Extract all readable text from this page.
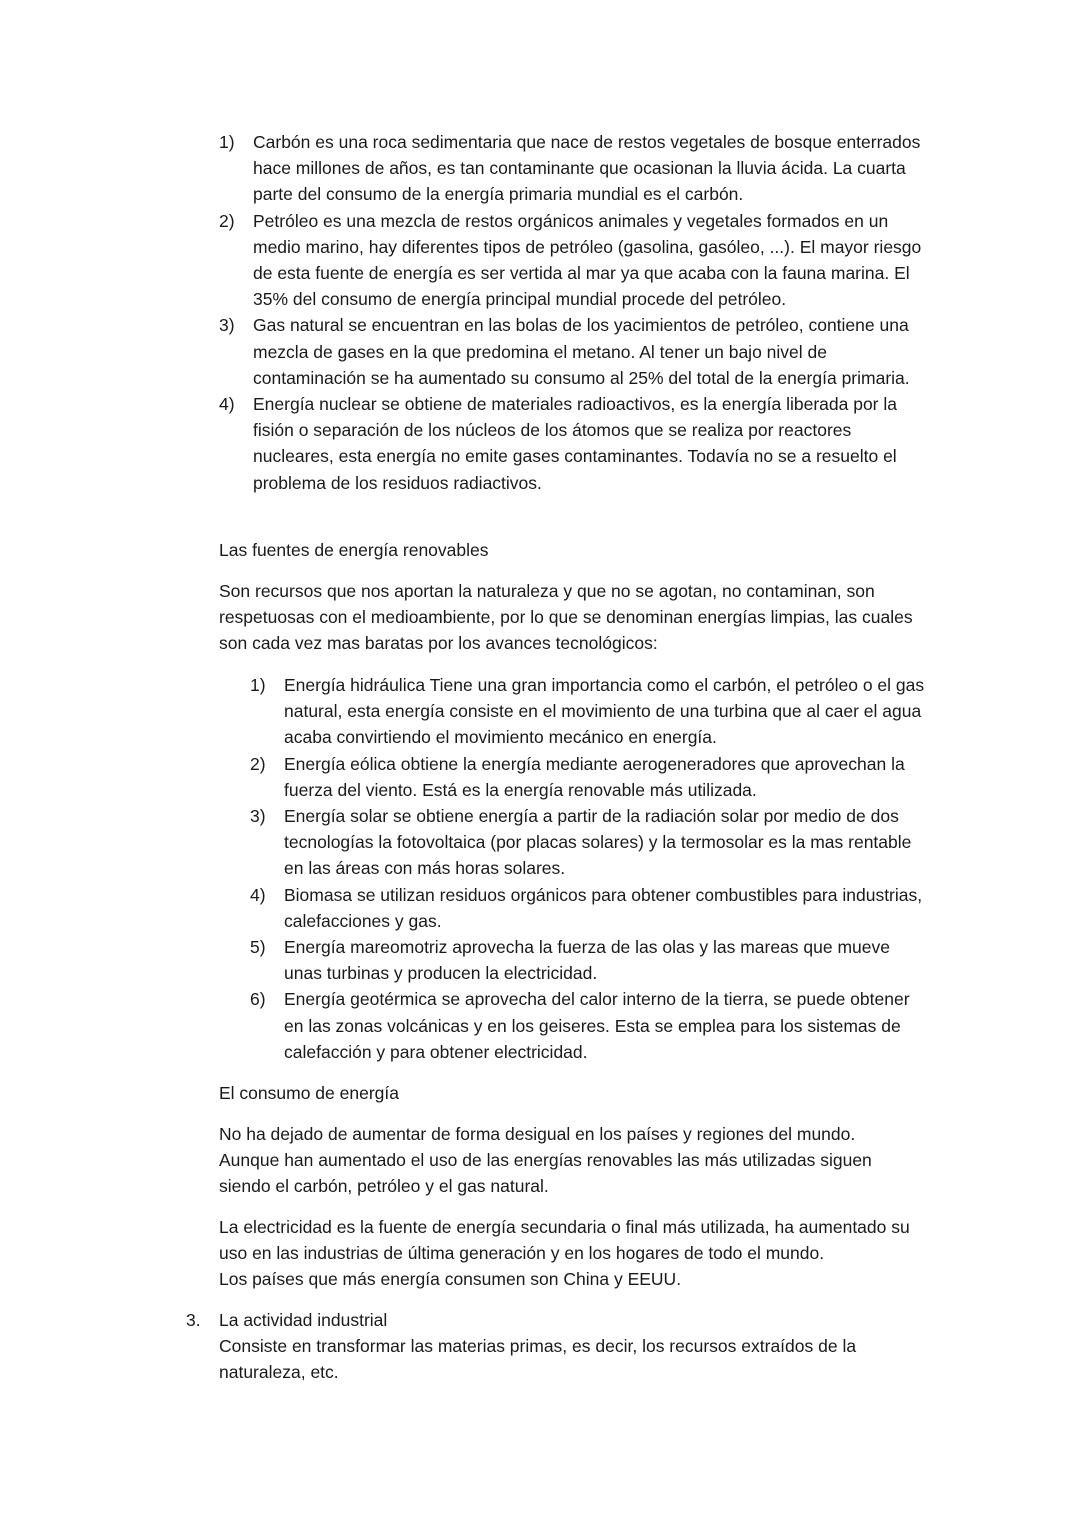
1)	Carbón es una roca sedimentaria que nace de restos vegetales de bosque enterrados hace millones de años, es tan contaminante que ocasionan la lluvia ácida. La cuarta parte del consumo de la energía primaria mundial es el carbón.
2)	Petróleo es una mezcla de restos orgánicos animales y vegetales formados en un medio marino, hay diferentes tipos de petróleo (gasolina, gasóleo, ...). El mayor riesgo de esta fuente de energía es ser vertida al mar ya que acaba con la fauna marina. El 35% del consumo de energía principal mundial procede del petróleo.
3)	Gas natural se encuentran en las bolas de los yacimientos de petróleo, contiene una mezcla de gases en la que predomina el metano. Al tener un bajo nivel de contaminación se ha aumentado su consumo al 25% del total de la energía primaria.
4)	Energía nuclear se obtiene de materiales radioactivos, es la energía liberada por la fisión o separación de los núcleos de los átomos que se realiza por reactores nucleares, esta energía no emite gases contaminantes. Todavía no se a resuelto el problema de los residuos radiactivos.

Las fuentes de energía renovables

Son recursos que nos aportan la naturaleza y que no se agotan, no contaminan, son respetuosas con el medioambiente, por lo que se denominan energías limpias, las cuales son cada vez mas baratas por los avances tecnológicos:

1)	Energía hidráulica Tiene una gran importancia como el carbón, el petróleo o el gas natural, esta energía consiste en el movimiento de una turbina que al caer el agua acaba convirtiendo el movimiento mecánico en energía.
2)	Energía eólica obtiene la energía mediante aerogeneradores que aprovechan la fuerza del viento. Está es la energía renovable más utilizada.
3)	Energía solar se obtiene energía a partir de la radiación solar por medio de dos tecnologías la fotovoltaica (por placas solares) y la termosolar es la mas rentable en las áreas con más horas solares.
4)	Biomasa se utilizan residuos orgánicos para obtener combustibles para industrias, calefacciones y gas.
5)	Energía mareomotriz aprovecha la fuerza de las olas y las mareas que mueve unas turbinas y producen la electricidad.
6)	Energía geotérmica se aprovecha del calor interno de la tierra, se puede obtener en las zonas volcánicas y en los geiseres. Esta se emplea para los sistemas de calefacción y para obtener electricidad.

El consumo de energía

No ha dejado de aumentar de forma desigual en los países y regiones del mundo. Aunque han aumentado el uso de las energías renovables las más utilizadas siguen siendo el carbón, petróleo y el gas natural.

La electricidad es la fuente de energía secundaria o final más utilizada, ha aumentado su uso en las industrias de última generación y en los hogares de todo el mundo.
Los países que más energía consumen son China y EEUU.
3.	La actividad industrial
Consiste en transformar las materias primas, es decir, los recursos extraídos de la naturaleza, etc.
